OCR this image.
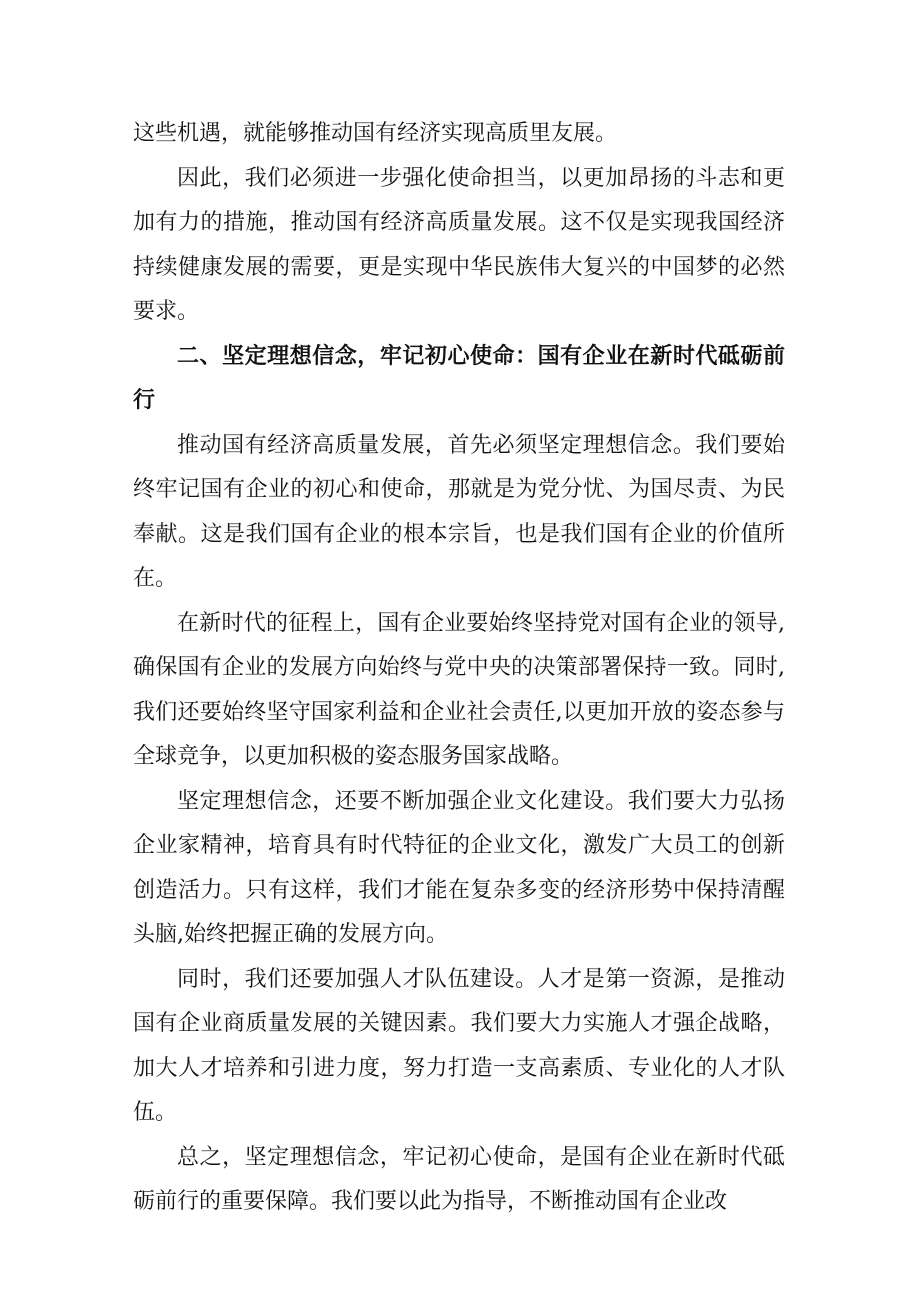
这些机遇，就能够推动国有经济实现高质里友展。

因此，我们必须进一步强化使命担当，以更加昂扬的斗志和更加有力的措施，推动国有经济高质量发展。这不仅是实现我国经济持续健康发展的需要，更是实现中华民族伟大复兴的中国梦的必然要求。

二、坚定理想信念，牢记初心使命：国有企业在新时代砥砺前行

推动国有经济高质量发展，首先必须坚定理想信念。我们要始终牢记国有企业的初心和使命，那就是为党分忧、为国尽责、为民奉献。这是我们国有企业的根本宗旨，也是我们国有企业的价值所在。

在新时代的征程上，国有企业要始终坚持党对国有企业的领导,确保国有企业的发展方向始终与党中央的决策部署保持一致。同时,我们还要始终坚守国家利益和企业社会责任,以更加开放的姿态参与全球竞争，以更加积极的姿态服务国家战略。

坚定理想信念，还要不断加强企业文化建设。我们要大力弘扬企业家精神，培育具有时代特征的企业文化，激发广大员工的创新创造活力。只有这样，我们才能在复杂多变的经济形势中保持清醒头脑,始终把握正确的发展方向。

同时，我们还要加强人才队伍建设。人才是第一资源，是推动国有企业商质量发展的关键因素。我们要大力实施人才强企战略，加大人才培养和引进力度，努力打造一支高素质、专业化的人才队伍。

总之，坚定理想信念，牢记初心使命，是国有企业在新时代砥砺前行的重要保障。我们要以此为指导，不断推动国有企业改
